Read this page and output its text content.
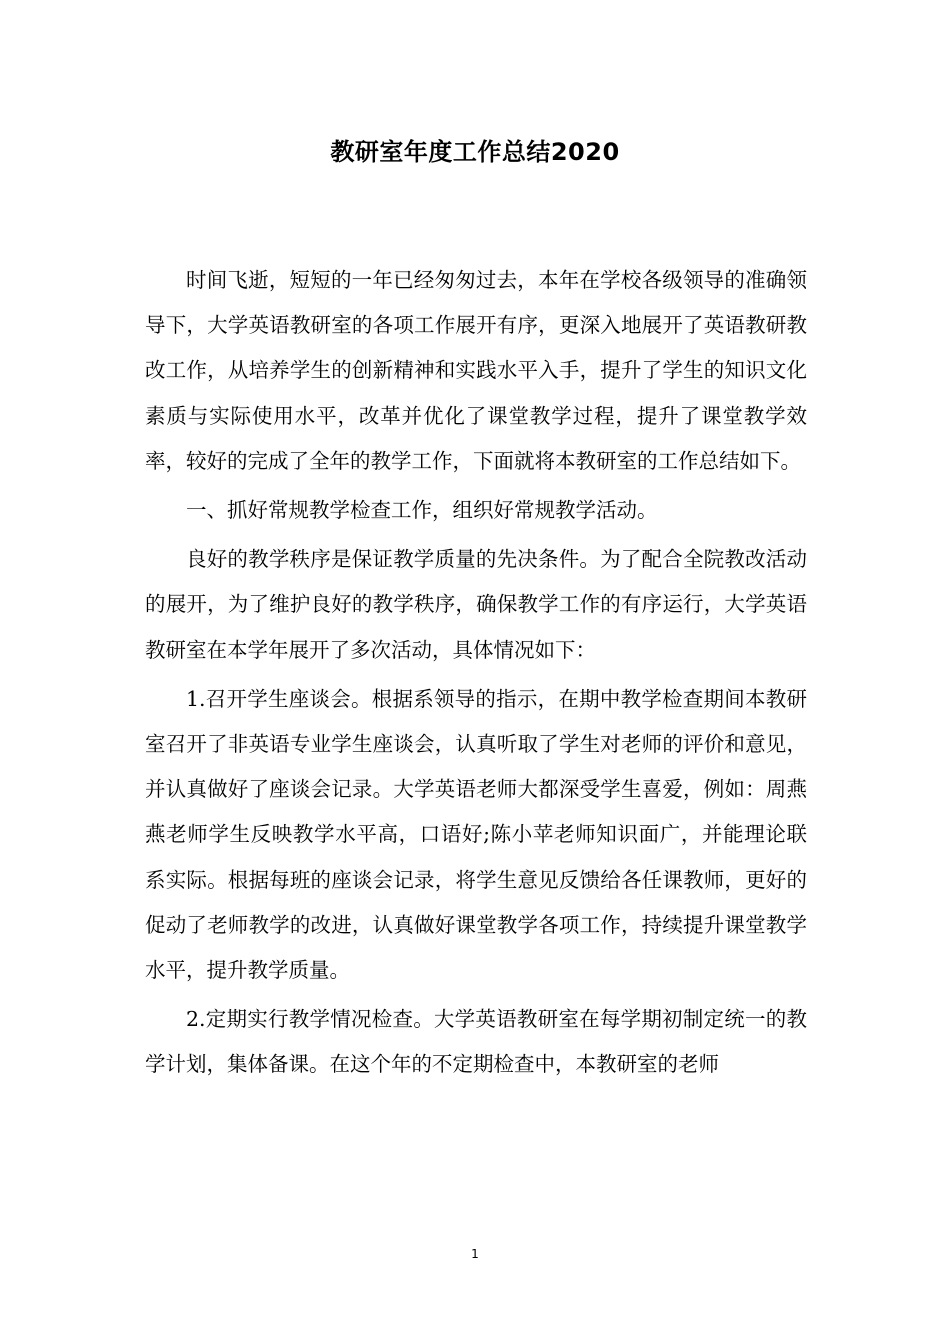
教研室年度工作总结2020

时间飞逝，短短的一年已经匆匆过去，本年在学校各级领导的准确领导下，大学英语教研室的各项工作展开有序，更深入地展开了英语教研教改工作，从培养学生的创新精神和实践水平入手，提升了学生的知识文化素质与实际使用水平，改革并优化了课堂教学过程，提升了课堂教学效率，较好的完成了全年的教学工作，下面就将本教研室的工作总结如下。

一、抓好常规教学检查工作，组织好常规教学活动。

良好的教学秩序是保证教学质量的先决条件。为了配合全院教改活动的展开，为了维护良好的教学秩序，确保教学工作的有序运行，大学英语教研室在本学年展开了多次活动，具体情况如下：

1.召开学生座谈会。根据系领导的指示，在期中教学检查期间本教研室召开了非英语专业学生座谈会，认真听取了学生对老师的评价和意见，并认真做好了座谈会记录。大学英语老师大都深受学生喜爱，例如：周燕燕老师学生反映教学水平高，口语好;陈小苹老师知识面广，并能理论联系实际。根据每班的座谈会记录，将学生意见反馈给各任课教师，更好的促动了老师教学的改进，认真做好课堂教学各项工作，持续提升课堂教学水平，提升教学质量。

2.定期实行教学情况检查。大学英语教研室在每学期初制定统一的教学计划，集体备课。在这个年的不定期检查中，本教研室的老师

1
